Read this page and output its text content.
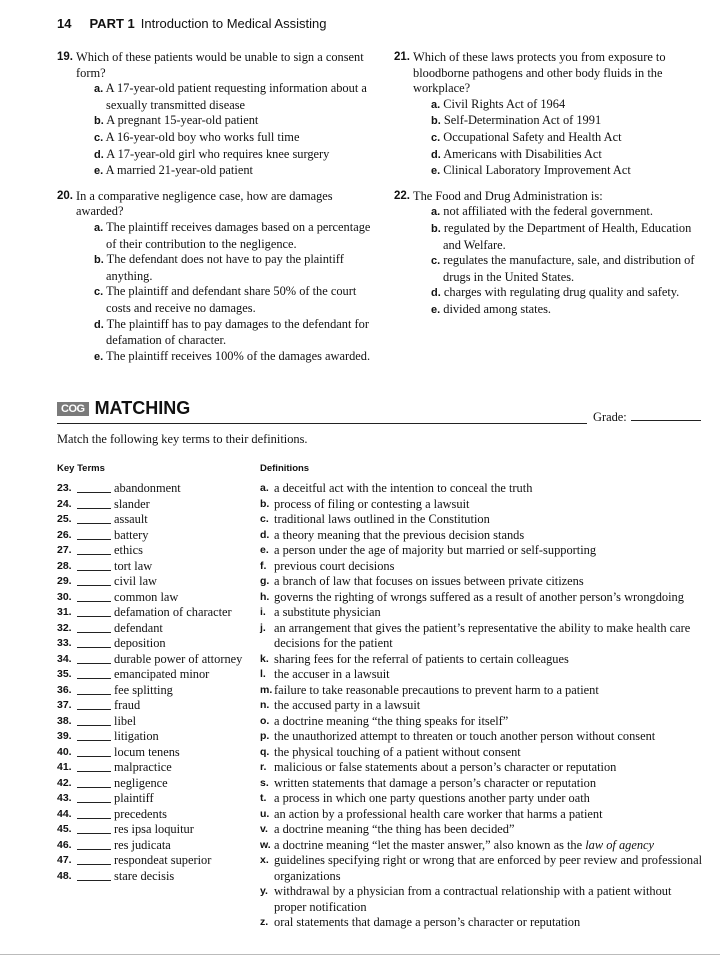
14 PART 1 Introduction to Medical Assisting
19. Which of these patients would be unable to sign a consent form?
a. A 17-year-old patient requesting information about a sexually transmitted disease
b. A pregnant 15-year-old patient
c. A 16-year-old boy who works full time
d. A 17-year-old girl who requires knee surgery
e. A married 21-year-old patient
20. In a comparative negligence case, how are damages awarded?
a. The plaintiff receives damages based on a percentage of their contribution to the negligence.
b. The defendant does not have to pay the plaintiff anything.
c. The plaintiff and defendant share 50% of the court costs and receive no damages.
d. The plaintiff has to pay damages to the defendant for defamation of character.
e. The plaintiff receives 100% of the damages awarded.
21. Which of these laws protects you from exposure to bloodborne pathogens and other body fluids in the workplace?
a. Civil Rights Act of 1964
b. Self-Determination Act of 1991
c. Occupational Safety and Health Act
d. Americans with Disabilities Act
e. Clinical Laboratory Improvement Act
22. The Food and Drug Administration is:
a. not affiliated with the federal government.
b. regulated by the Department of Health, Education and Welfare.
c. regulates the manufacture, sale, and distribution of drugs in the United States.
d. charges with regulating drug quality and safety.
e. divided among states.
COG MATCHING	Grade:
Match the following key terms to their definitions.
Key Terms	Definitions
23.	abandonment
24.	slander
25.	assault
26.	battery
27.	ethics
28.	tort law
29.	civil law
30.	common law
31.	defamation of character
32.	defendant
33.	deposition
34.	durable power of attorney
35.	emancipated minor
36.	fee splitting
37.	fraud
38.	libel
39.	litigation
40.	locum tenens
41.	malpractice
42.	negligence
43.	plaintiff
44.	precedents
45.	res ipsa loquitur
46.	res judicata
47.	respondeat superior
48.	stare decisis
a. a deceitful act with the intention to conceal the truth
b. process of filing or contesting a lawsuit
c. traditional laws outlined in the Constitution
d. a theory meaning that the previous decision stands
e. a person under the age of majority but married or self-supporting
f. previous court decisions
g. a branch of law that focuses on issues between private citizens
h. governs the righting of wrongs suffered as a result of another person’s wrongdoing
i. a substitute physician
j. an arrangement that gives the patient’s representative the ability to make health care decisions for the patient
k. sharing fees for the referral of patients to certain colleagues
l. the accuser in a lawsuit
m. failure to take reasonable precautions to prevent harm to a patient
n. the accused party in a lawsuit
o. a doctrine meaning “the thing speaks for itself”
p. the unauthorized attempt to threaten or touch another person without consent
q. the physical touching of a patient without consent
r. malicious or false statements about a person’s character or reputation
s. written statements that damage a person’s character or reputation
t. a process in which one party questions another party under oath
u. an action by a professional health care worker that harms a patient
v. a doctrine meaning “the thing has been decided”
w. a doctrine meaning “let the master answer,” also known as the law of agency
x. guidelines specifying right or wrong that are enforced by peer review and professional organizations
y. withdrawal by a physician from a contractual relationship with a patient without proper notification
z. oral statements that damage a person’s character or reputation
